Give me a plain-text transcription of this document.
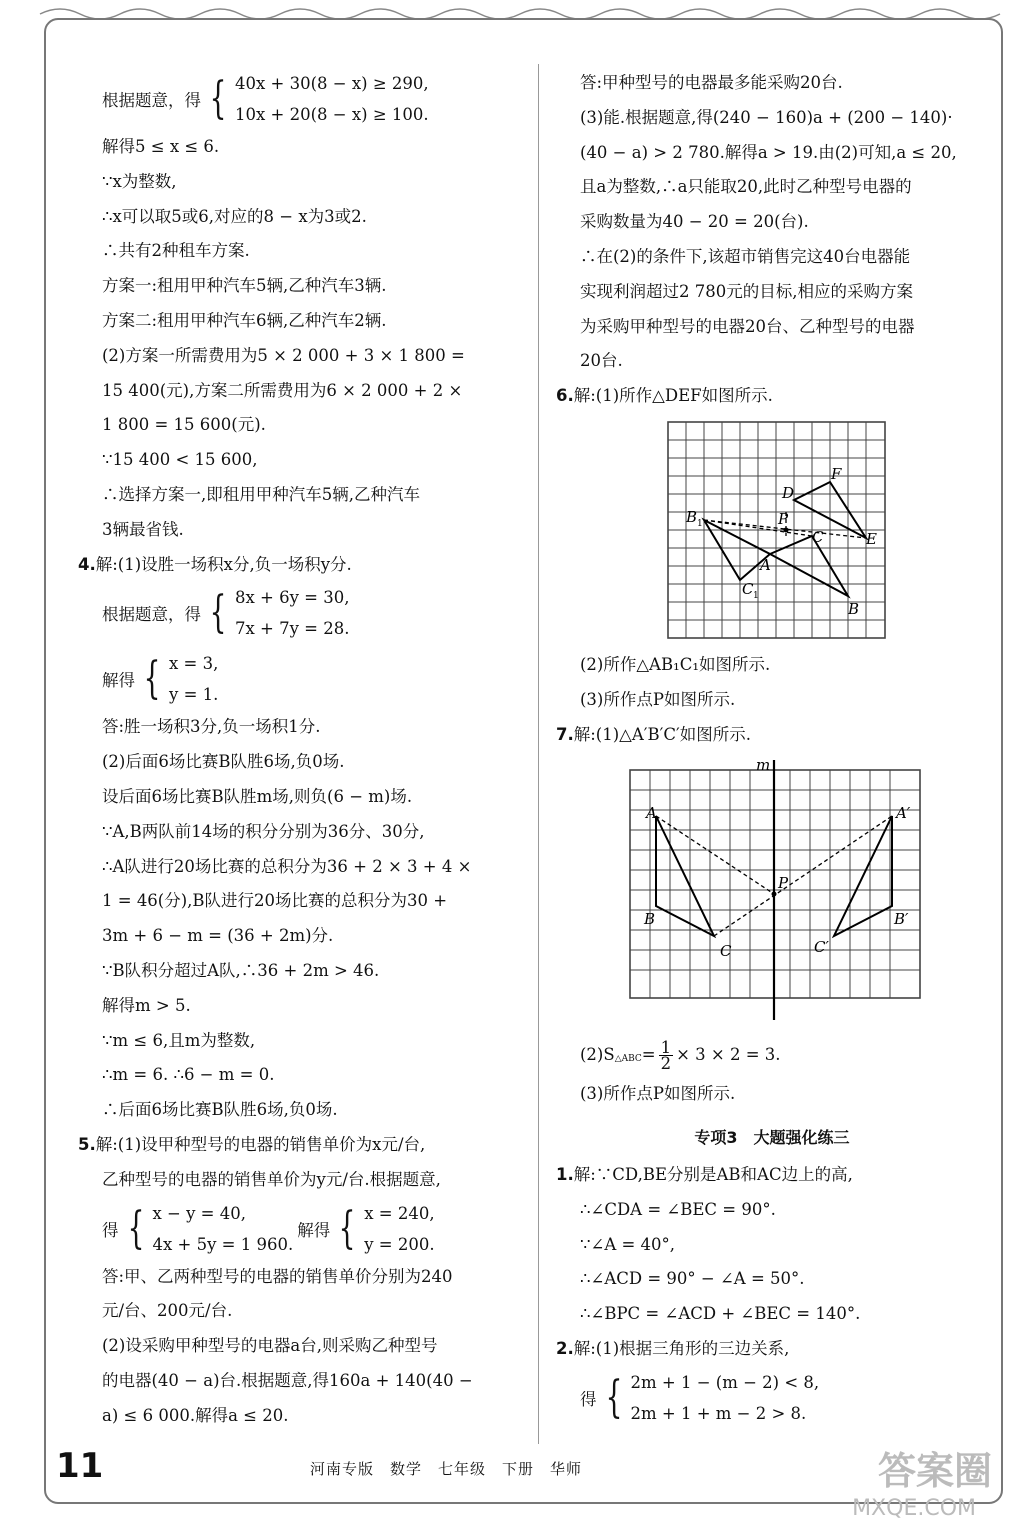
根据题意，得 { 40x + 30(8 − x) ≥ 290,
10x + 20(8 − x) ≥ 100.
解得5 ≤ x ≤ 6.
∵x为整数,
∴x可以取5或6,对应的8 − x为3或2.
∴共有2种租车方案.
方案一:租用甲种汽车5辆,乙种汽车3辆.
方案二:租用甲种汽车6辆,乙种汽车2辆.
(2)方案一所需费用为5 × 2 000 + 3 × 1 800 =
15 400(元),方案二所需费用为6 × 2 000 + 2 ×
1 800 = 15 600(元).
∵15 400 < 15 600,
∴选择方案一,即租用甲种汽车5辆,乙种汽车
3辆最省钱.
4.解:(1)设胜一场积x分,负一场积y分.
根据题意，得 { 8x + 6y = 30,
7x + 7y = 28.
解得 { x = 3,
y = 1.
答:胜一场积3分,负一场积1分.
(2)后面6场比赛B队胜6场,负0场.
设后面6场比赛B队胜m场,则负(6 − m)场.
∵A,B两队前14场的积分分别为36分、30分,
∴A队进行20场比赛的总积分为36 + 2 × 3 + 4 ×
1 = 46(分),B队进行20场比赛的总积分为30 +
3m + 6 − m = (36 + 2m)分.
∵B队积分超过A队,∴36 + 2m > 46.
解得m > 5.
∵m ≤ 6,且m为整数,
∴m = 6. ∴6 − m = 0.
∴后面6场比赛B队胜6场,负0场.
5.解:(1)设甲种型号的电器的销售单价为x元/台,
乙种型号的电器的销售单价为y元/台.根据题意,
得 { x − y = 40,
4x + 5y = 1 960.
解得 { x = 240,
y = 200.
答:甲、乙两种型号的电器的销售单价分别为240
元/台、200元/台.
(2)设采购甲种型号的电器a台,则采购乙种型号
的电器(40 − a)台.根据题意,得160a + 140(40 −
a) ≤ 6 000.解得a ≤ 20.
答:甲种型号的电器最多能采购20台.
(3)能.根据题意,得(240 − 160)a + (200 − 140)·
(40 − a) > 2 780.解得a > 19.由(2)可知,a ≤ 20,
且a为整数,∴a只能取20,此时乙种型号电器的
采购数量为40 − 20 = 20(台).
∴在(2)的条件下,该超市销售完这40台电器能
实现利润超过2 780元的目标,相应的采购方案
为采购甲种型号的电器20台、乙种型号的电器
20台.
6.解:(1)所作△DEF如图所示.
D
F
B 1	P
C	E
A
C 1
B
(2)所作△AB₁C₁如图所示.
(3)所作点P如图所示.
7.解:(1)△A′B′C′如图所示.
m
A	A′
P
B	B′
C	C′
$(2)S_{\triangle ABC} = \frac{1}{2} \times 3 \times 2 = 3$.
(3)所作点P如图所示.
专项3　大题强化练三
1.解:∵CD,BE分别是AB和AC边上的高,
∴∠CDA = ∠BEC = 90°.
∵∠A = 40°,
∴∠ACD = 90° − ∠A = 50°.
∴∠BPC = ∠ACD + ∠BEC = 140°.
2.解:(1)根据三角形的三边关系,
得 { 2m + 1 − (m − 2) < 8,
2m + 1 + m − 2 > 8.
11	河南专版　数学　七年级　下册　华师	答案圈
MXQE.COM
